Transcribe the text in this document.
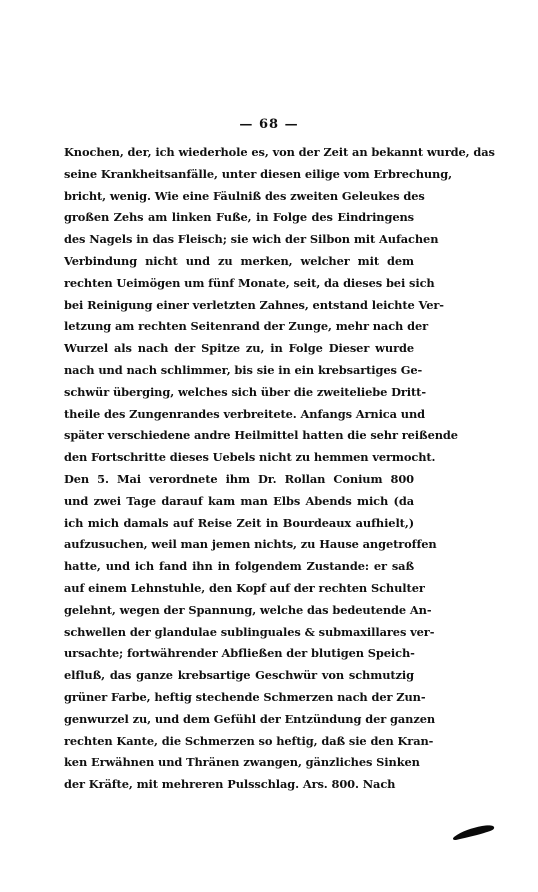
— 68 —
Knochen, der, ich wiederhole es, von der Zeit an bekannt wurde, das
seine Krankheitsanfälle, unter diesen eilige vom Erbrechung,
bricht, wenig. Wie eine Fäulniß des zweiten Geleukes des
großen Zehs am linken Fuße, in Folge des Eindringens
des Nagels in das Fleisch; sie wich der Silbon mit Aufachen
Verbindung nicht und zu merken, welcher mit dem
rechten Ueimögen um fünf Monate, seit, da dieses bei sich
bei Reinigung einer verletzten Zahnes, entstand leichte Ver-
letzung am rechten Seitenrand der Zunge, mehr nach der
Wurzel als nach der Spitze zu, in Folge Dieser wurde
nach und nach schlimmer, bis sie in ein krebsartiges Ge-
schwür überging, welches sich über die zweiteliebe Dritt-
theile des Zungenrandes verbreitete. Anfangs Arnica und
später verschiedene andre Heilmittel hatten die sehr reißende
den Fortschritte dieses Uebels nicht zu hemmen vermocht.
Den 5. Mai verordnete ihm Dr. Rollan Conium 800
und zwei Tage darauf kam man Elbs Abends mich (da
ich mich damals auf Reise Zeit in Bourdeaux aufhielt,)
aufzusuchen, weil man jemen nichts, zu Hause angetroffen
hatte, und ich fand ihn in folgendem Zustande: er saß
auf einem Lehnstuhle, den Kopf auf der rechten Schulter
gelehnt, wegen der Spannung, welche das bedeutende An-
schwellen der glandulae sublinguales & submaxillares ver-
ursachte; fortwährender Abfließen der blutigen Speich-
elfluß, das ganze krebsartige Geschwür von schmutzig
grüner Farbe, heftig stechende Schmerzen nach der Zun-
genwurzel zu, und dem Gefühl der Entzündung der ganzen
rechten Kante, die Schmerzen so heftig, daß sie den Kran-
ken Erwähnen und Thränen zwangen, gänzliches Sinken
der Kräfte, mit mehreren Pulsschlag. Ars. 800. Nach
